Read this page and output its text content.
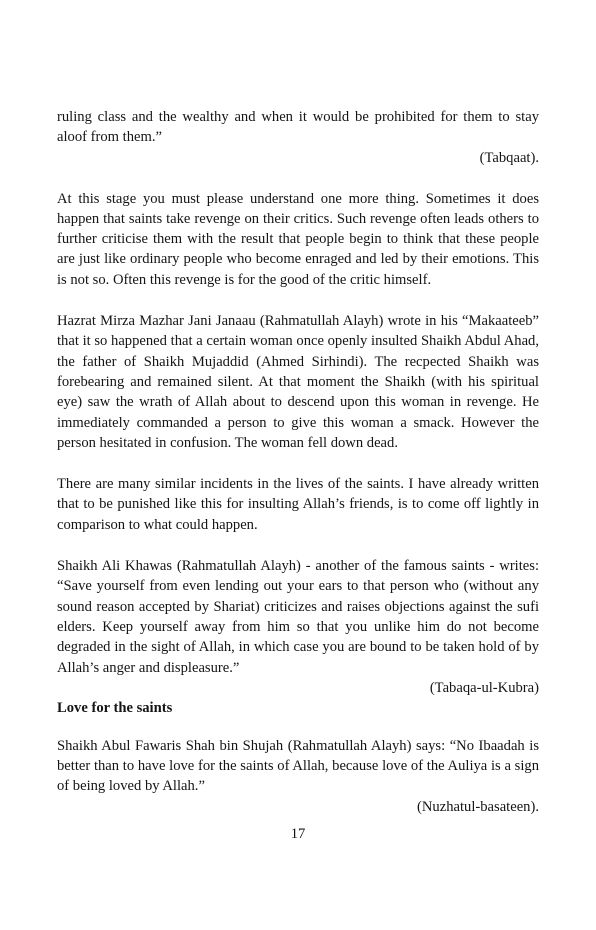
ruling class and the wealthy and when it would be prohibited for them to stay aloof from them.”

(Tabqaat).

At this stage you must please understand one more thing. Sometimes it does happen that saints take revenge on their critics. Such revenge often leads others to further criticise them with the result that people begin to think that these people are just like ordinary people who become enraged and led by their emotions. This is not so. Often this revenge is for the good of the critic himself.

Hazrat Mirza Mazhar Jani Janaau (Rahmatullah Alayh) wrote in his “Makaateeb” that it so happened that a certain woman once openly insulted Shaikh Abdul Ahad, the father of Shaikh Mujaddid (Ahmed Sirhindi). The recpected Shaikh was forebearing and remained silent. At that moment the Shaikh (with his spiritual eye) saw the wrath of Allah about to descend upon this woman in revenge. He immediately commanded a person to give this woman a smack. However the person hesitated in confusion. The woman fell down dead.

There are many similar incidents in the lives of the saints. I have already written that to be punished like this for insulting Allah’s friends, is to come off lightly in comparison to what could happen.

Shaikh Ali Khawas (Rahmatullah Alayh) - another of the famous saints - writes: “Save yourself from even lending out your ears to that person who (without any sound reason accepted by Shariat) criticizes and raises objections against the sufi elders. Keep yourself away from him so that you unlike him do not become degraded in the sight of Allah, in which case you are bound to be taken hold of by Allah’s anger and displeasure.”

(Tabaqa-ul-Kubra)

Love for the saints

Shaikh Abul Fawaris Shah bin Shujah (Rahmatullah Alayh) says: “No Ibaadah is better than to have love for the saints of Allah, because love of the Auliya is a sign of being loved by Allah.”

(Nuzhatul-basateen).

17
